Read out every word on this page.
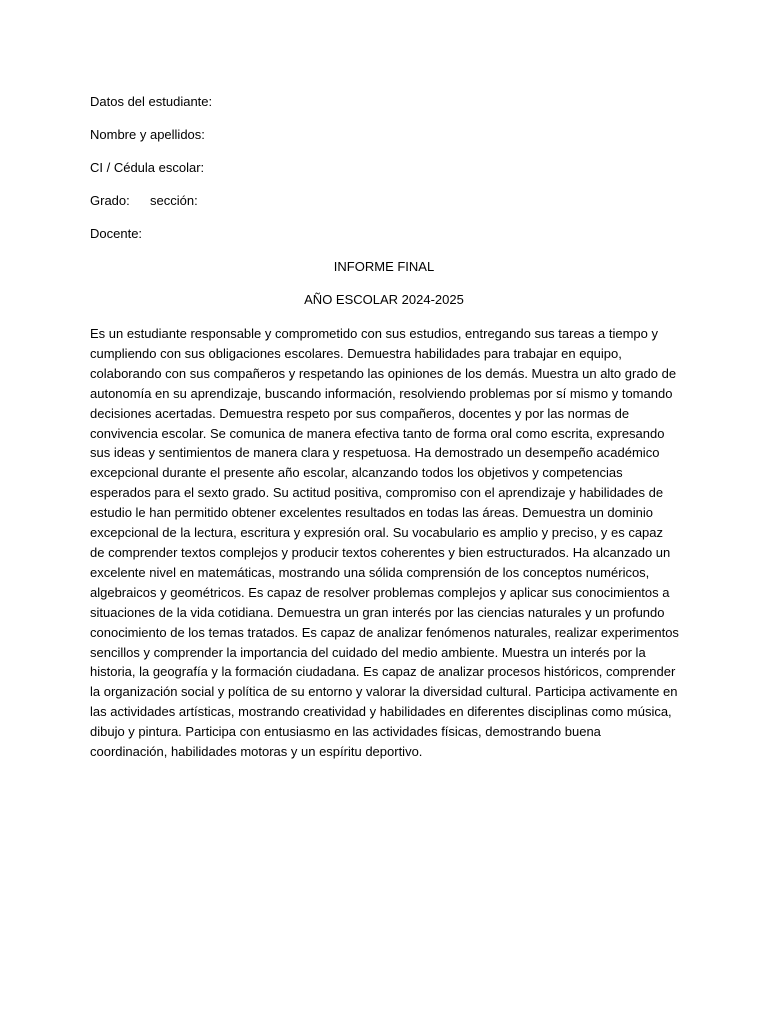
Datos del estudiante:

Nombre y apellidos:

CI / Cédula escolar:

Grado: sección:

Docente:

INFORME FINAL

AÑO ESCOLAR 2024-2025

Es un estudiante responsable y comprometido con sus estudios, entregando sus tareas a tiempo y cumpliendo con sus obligaciones escolares. Demuestra habilidades para trabajar en equipo, colaborando con sus compañeros y respetando las opiniones de los demás. Muestra un alto grado de autonomía en su aprendizaje, buscando información, resolviendo problemas por sí mismo y tomando decisiones acertadas. Demuestra respeto por sus compañeros, docentes y por las normas de convivencia escolar. Se comunica de manera efectiva tanto de forma oral como escrita, expresando sus ideas y sentimientos de manera clara y respetuosa. Ha demostrado un desempeño académico excepcional durante el presente año escolar, alcanzando todos los objetivos y competencias esperados para el sexto grado. Su actitud positiva, compromiso con el aprendizaje y habilidades de estudio le han permitido obtener excelentes resultados en todas las áreas. Demuestra un dominio excepcional de la lectura, escritura y expresión oral. Su vocabulario es amplio y preciso, y es capaz de comprender textos complejos y producir textos coherentes y bien estructurados. Ha alcanzado un excelente nivel en matemáticas, mostrando una sólida comprensión de los conceptos numéricos, algebraicos y geométricos. Es capaz de resolver problemas complejos y aplicar sus conocimientos a situaciones de la vida cotidiana. Demuestra un gran interés por las ciencias naturales y un profundo conocimiento de los temas tratados. Es capaz de analizar fenómenos naturales, realizar experimentos sencillos y comprender la importancia del cuidado del medio ambiente. Muestra un interés por la historia, la geografía y la formación ciudadana. Es capaz de analizar procesos históricos, comprender la organización social y política de su entorno y valorar la diversidad cultural. Participa activamente en las actividades artísticas, mostrando creatividad y habilidades en diferentes disciplinas como música, dibujo y pintura. Participa con entusiasmo en las actividades físicas, demostrando buena coordinación, habilidades motoras y un espíritu deportivo.
